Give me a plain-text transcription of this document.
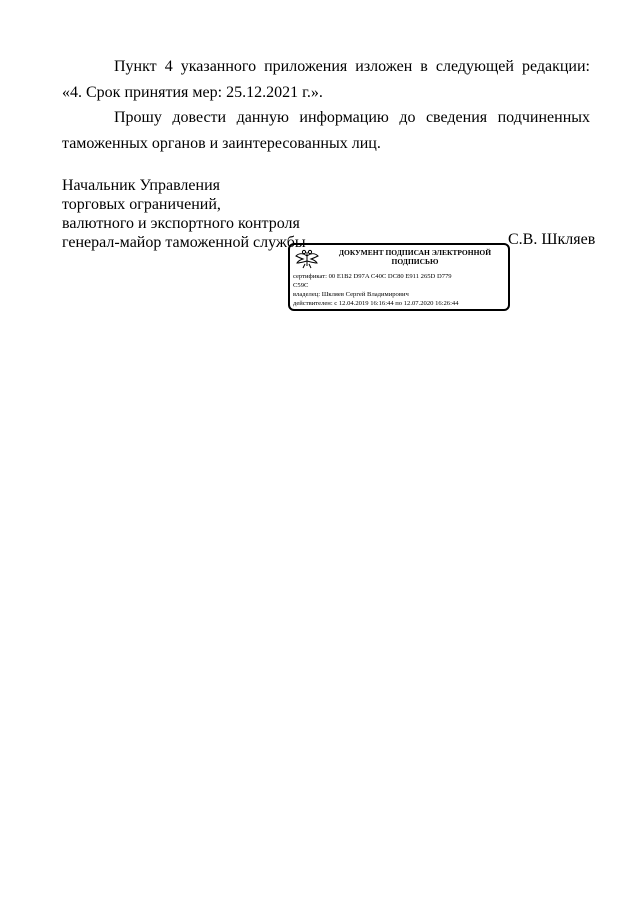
Пункт 4 указанного приложения изложен в следующей редакции:
«4. Срок принятия мер: 25.12.2021 г.».
Прошу довести данную информацию до сведения подчиненных
таможенных органов и заинтересованных лиц.
Начальник Управления
торговых ограничений,
валютного и экспортного контроля
генерал-майор таможенной службы	С.В. Шкляев
ДОКУМЕНТ ПОДПИСАН ЭЛЕКТРОННОЙ ПОДПИСЬЮ
сертификат: 00 E1B2 D97A C40C DC80 E911 265D D779
C59C
владелец: Шкляев Сергей Владимирович
действителен: с 12.04.2019 16:16:44 по 12.07.2020 16:26:44
